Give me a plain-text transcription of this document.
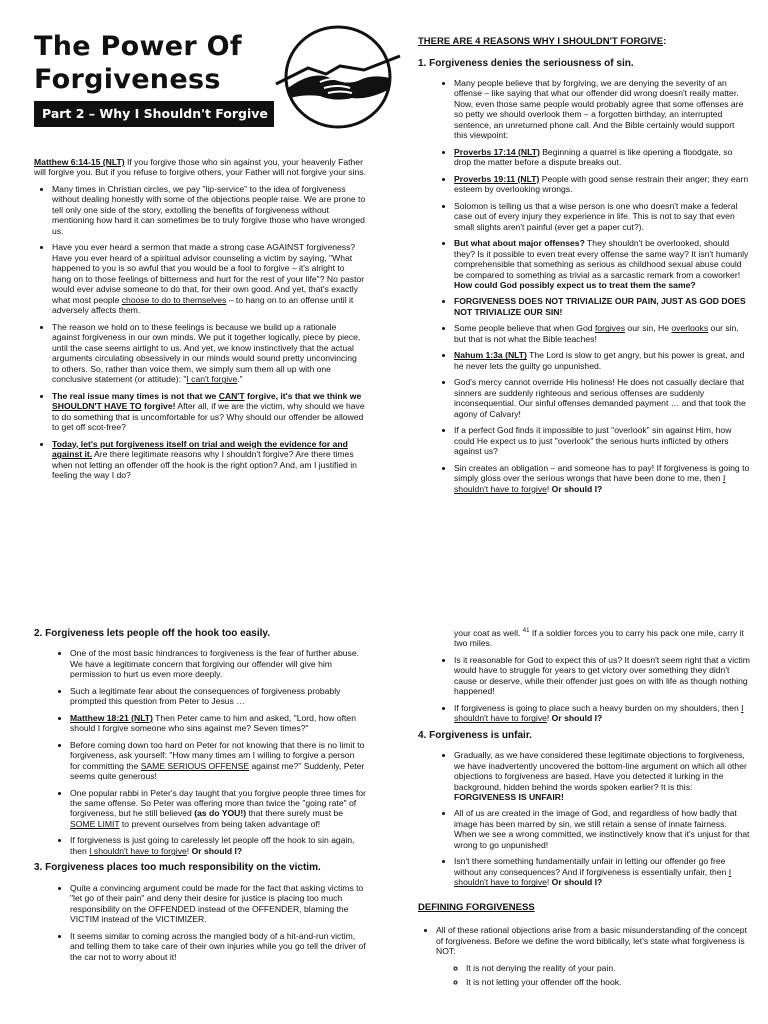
The Power Of
Forgiveness
Part 2 – Why I Shouldn't Forgive

Matthew 6:14-15 (NLT) If you forgive those who sin against you, your heavenly Father will forgive you. But if you refuse to forgive others, your Father will not forgive your sins.

• Many times in Christian circles, we pay "lip-service" to the idea of forgiveness without dealing honestly with some of the objections people raise. We are prone to tell only one side of the story, extolling the benefits of forgiveness without mentioning how hard it can sometimes be to truly forgive those who have wronged us.
• Have you ever heard a sermon that made a strong case AGAINST forgiveness? Have you ever heard of a spiritual advisor counseling a victim by saying, "What happened to you is so awful that you would be a fool to forgive – it's alright to hang on to those feelings of bitterness and hurt for the rest of your life"? No pastor would ever advise someone to do that, for their own good. And yet, that's exactly what most people choose to do to themselves – to hang on to an offense until it adversely affects them.
• The reason we hold on to these feelings is because we build up a rationale against forgiveness in our own minds. We put it together logically, piece by piece, until the case seems airtight to us. And yet, we know instinctively that the actual arguments circulating obsessively in our minds would sound pretty unconvincing to others. So, rather than voice them, we simply sum them all up with one conclusive statement (or attitude): "I can't forgive."
• The real issue many times is not that we CAN'T forgive, it's that we think we SHOULDN'T HAVE TO forgive! After all, if we are the victim, why should we have to do something that is uncomfortable for us? Why should our offender be allowed to get off scot-free?
• Today, let's put forgiveness itself on trial and weigh the evidence for and against it. Are there legitimate reasons why I shouldn't forgive? Are there times when not letting an offender off the hook is the right option? And, am I justified in feeling the way I do?
THERE ARE 4 REASONS WHY I SHOULDN'T FORGIVE:
1. Forgiveness denies the seriousness of sin.
• Many people believe that by forgiving, we are denying the severity of an offense – like saying that what our offender did wrong doesn't really matter. Now, even those same people would probably agree that some offenses are so petty we should overlook them – a forgotten birthday, an interrupted sentence, an unreturned phone call. And the Bible certainly would support this viewpoint:
• Proverbs 17:14 (NLT) Beginning a quarrel is like opening a floodgate, so drop the matter before a dispute breaks out.
• Proverbs 19:11 (NLT) People with good sense restrain their anger; they earn esteem by overlooking wrongs.
• Solomon is telling us that a wise person is one who doesn't make a federal case out of every injury they experience in life. This is not to say that even small slights aren't painful (ever get a paper cut?).
• But what about major offenses? They shouldn't be overlooked, should they? Is it possible to even treat every offense the same way? It isn't humanly comprehensible that something as serious as childhood sexual abuse could be compared to something as trivial as a sarcastic remark from a coworker! How could God possibly expect us to treat them the same?
• FORGIVENESS DOES NOT TRIVIALIZE OUR PAIN, JUST AS GOD DOES NOT TRIVIALIZE OUR SIN!
• Some people believe that when God forgives our sin, He overlooks our sin, but that is not what the Bible teaches!
• Nahum 1:3a (NLT) The Lord is slow to get angry, but his power is great, and he never lets the guilty go unpunished.
• God's mercy cannot override His holiness! He does not casually declare that sinners are suddenly righteous and serious offenses are suddenly inconsequential. Our sinful offenses demanded payment … and that took the agony of Calvary!
• If a perfect God finds it impossible to just "overlook" sin against Him, how could He expect us to just "overlook" the serious hurts inflicted by others against us?
• Sin creates an obligation – and someone has to pay! If forgiveness is going to simply gloss over the serious wrongs that have been done to me, then I shouldn't have to forgive! Or should I?
2. Forgiveness lets people off the hook too easily.
• One of the most basic hindrances to forgiveness is the fear of further abuse. We have a legitimate concern that forgiving our offender will give him permission to hurt us even more deeply.
• Such a legitimate fear about the consequences of forgiveness probably prompted this question from Peter to Jesus …
• Matthew 18:21 (NLT) Then Peter came to him and asked, "Lord, how often should I forgive someone who sins against me? Seven times?"
• Before coming down too hard on Peter for not knowing that there is no limit to forgiveness, ask yourself: "How many times am I willing to forgive a person for committing the SAME SERIOUS OFFENSE against me?" Suddenly, Peter seems quite generous!
• One popular rabbi in Peter's day taught that you forgive people three times for the same offense. So Peter was offering more than twice the "going rate" of forgiveness, but he still believed (as do YOU!) that there surely must be SOME LIMIT to prevent ourselves from being taken advantage of!
• If forgiveness is just going to carelessly let people off the hook to sin again, then I shouldn't have to forgive! Or should I?
3. Forgiveness places too much responsibility on the victim.
• Quite a convincing argument could be made for the fact that asking victims to "let go of their pain" and deny their desire for justice is placing too much responsibility on the OFFENDED instead of the OFFENDER, blaming the VICTIM instead of the VICTIMIZER.
• It seems similar to coming across the mangled body of a hit-and-run victim, and telling them to take care of their own injuries while you go tell the driver of the car not to worry about it!

your coat as well. $^{41}$ If a soldier forces you to carry his pack one mile, carry it two miles.

• Is it reasonable for God to expect this of us? It doesn't seem right that a victim would have to struggle for years to get victory over something they didn't cause or deserve, while their offender just goes on with life as though nothing happened!
• If forgiveness is going to place such a heavy burden on my shoulders, then I shouldn't have to forgive! Or should I?
4. Forgiveness is unfair.
• Gradually, as we have considered these legitimate objections to forgiveness, we have inadvertently uncovered the bottom-line argument on which all other objections to forgiveness are based. Have you detected it lurking in the background, hidden behind the words spoken earlier? It is this: FORGIVENESS IS UNFAIR!
• All of us are created in the image of God, and regardless of how badly that image has been marred by sin, we still retain a sense of innate fairness. When we see a wrong committed, we instinctively know that it's unjust for that wrong to go unpunished!
• Isn't there something fundamentally unfair in letting our offender go free without any consequences? And if forgiveness is essentially unfair, then I shouldn't have to forgive! Or should I?
DEFINING FORGIVENESS
• All of these rational objections arise from a basic misunderstanding of the concept of forgiveness. Before we define the word biblically, let's state what forgiveness is NOT:
◦ It is not denying the reality of your pain.
◦ It is not letting your offender off the hook.
